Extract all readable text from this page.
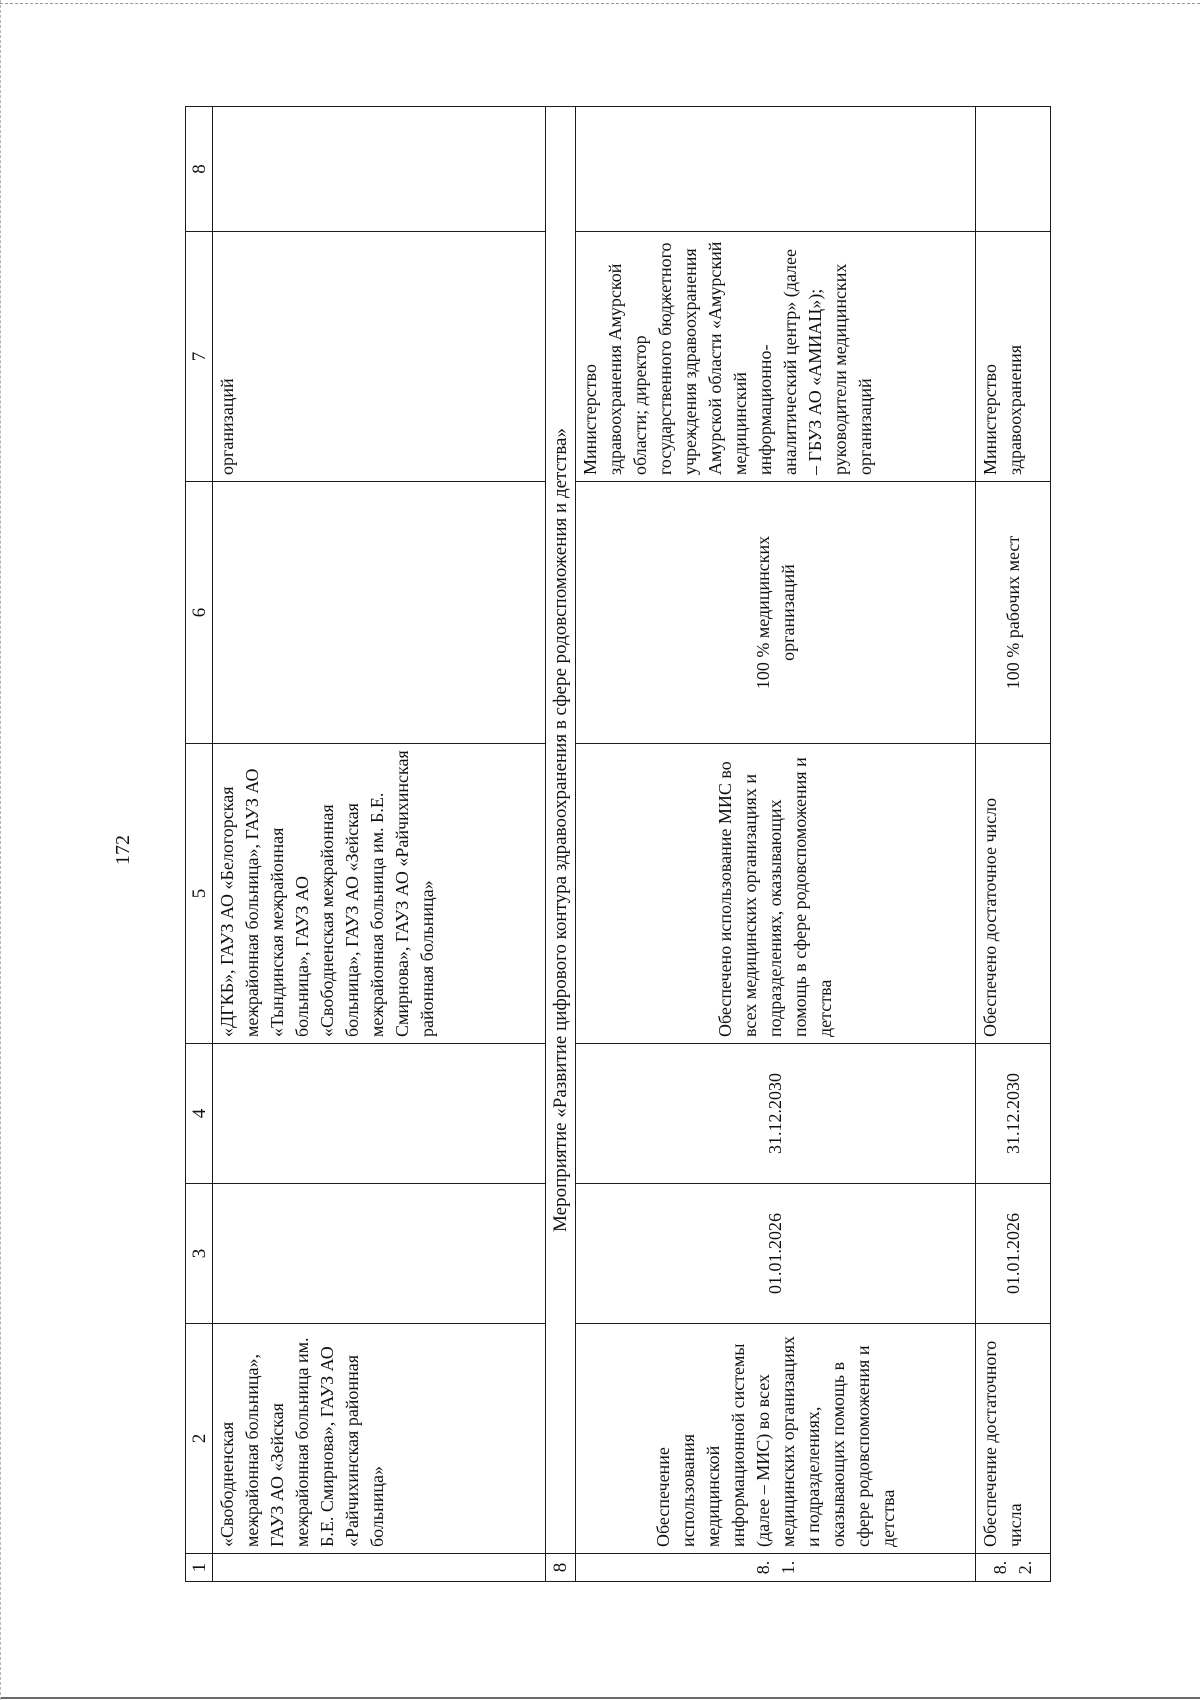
172
1	2	3	4	5	6	7	8
	«Свободненская межрайонная больница», ГАУЗ АО «Зейская межрайонная больница им. Б.Е. Смирнова», ГАУЗ АО «Райчихинская районная больница»			«ДГКБ», ГАУЗ АО «Белогорская межрайонная больница», ГАУЗ АО «Тындинская межрайонная больница», ГАУЗ АО «Свободненская межрайонная больница», ГАУЗ АО «Зейская межрайонная больница им. Б.Е. Смирнова», ГАУЗ АО «Райчихинская районная больница»		организаций	
8	Мероприятие «Развитие цифрового контура здравоохранения в сфере родовспоможения и детства»						
8.1.	Обеспечение использования медицинской информационной системы (далее – МИС) во всех медицинских организациях и подразделениях, оказывающих помощь в сфере родовспоможения и детства	01.01.2026	31.12.2030	Обеспечено использование МИС во всех медицинских организациях и подразделениях, оказывающих помощь в сфере родовспоможения и детства	100 % медицинских организаций	Министерство здравоохранения Амурской области; директор государственного бюджетного учреждения здравоохранения Амурской области «Амурский медицинский информационно-аналитический центр» (далее – ГБУЗ АО «АМИАЦ»); руководители медицинских организаций	
8.2.	Обеспечение достаточного числа	01.01.2026	31.12.2030	Обеспечено достаточное число	100 % рабочих мест	Министерство здравоохранения	
